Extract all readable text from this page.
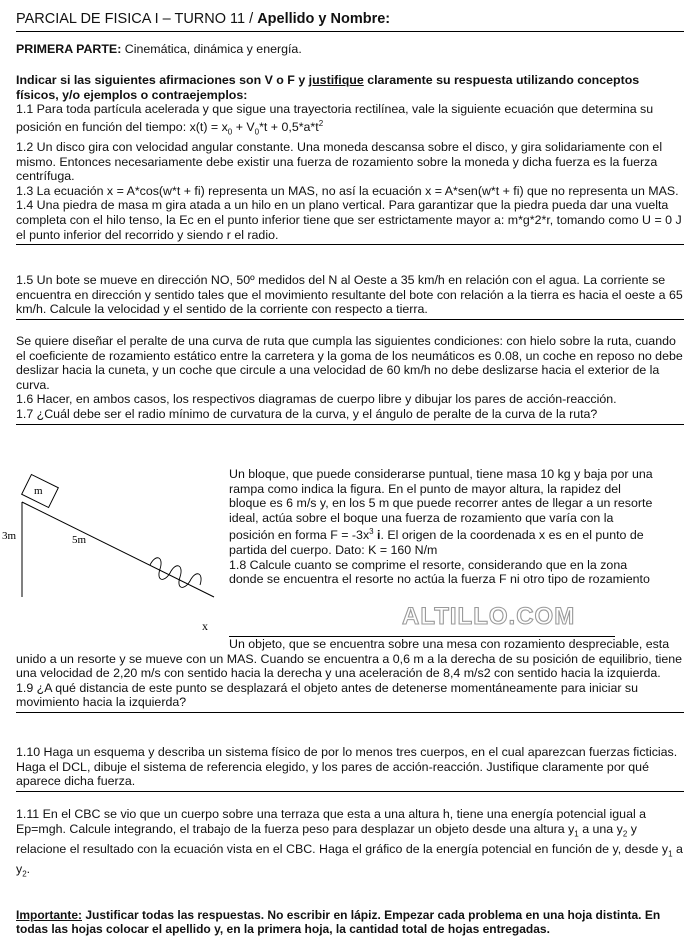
PARCIAL DE FISICA I – TURNO 11 / Apellido y Nombre:

PRIMERA PARTE: Cinemática, dinámica y energía.

Indicar si las siguientes afirmaciones son V o F y justifique claramente su respuesta utilizando conceptos físicos, y/o ejemplos o contraejemplos:

1.1 Para toda partícula acelerada y que sigue una trayectoria rectilínea, vale la siguiente ecuación que determina su posición en función del tiempo: $x(t) = x_0 + V_0*t + 0,5*a*t^2$

1.2 Un disco gira con velocidad angular constante. Una moneda descansa sobre el disco, y gira solidariamente con el mismo. Entonces necesariamente debe existir una fuerza de rozamiento sobre la moneda y dicha fuerza es la fuerza centrífuga.

1.3 La ecuación x = A*cos(w*t + fi) representa un MAS, no así la ecuación x = A*sen(w*t + fi) que no representa un MAS.

1.4 Una piedra de masa m gira atada a un hilo en un plano vertical. Para garantizar que la piedra pueda dar una vuelta completa con el hilo tenso, la Ec en el punto inferior tiene que ser estrictamente mayor a: m*g*2*r, tomando como U = 0 J el punto inferior del recorrido y siendo r el radio.

1.5 Un bote se mueve en dirección NO, 50º medidos del N al Oeste a 35 km/h en relación con el agua. La corriente se encuentra en dirección y sentido tales que el movimiento resultante del bote con relación a la tierra es hacia el oeste a 65 km/h. Calcule la velocidad y el sentido de la corriente con respecto a tierra.

Se quiere diseñar el peralte de una curva de ruta que cumpla las siguientes condiciones: con hielo sobre la ruta, cuando el coeficiente de rozamiento estático entre la carretera y la goma de los neumáticos es 0.08, un coche en reposo no debe deslizar hacia la cuneta, y un coche que circule a una velocidad de 60 km/h no debe deslizarse hacia el exterior de la curva.

1.6 Hacer, en ambos casos, los respectivos diagramas de cuerpo libre y dibujar los pares de acción-reacción.

1.7 ¿Cuál debe ser el radio mínimo de curvatura de la curva, y el ángulo de peralte de la curva de la ruta?

m
3m	5m
x

Un bloque, que puede considerarse puntual, tiene masa 10 kg y baja por una rampa como indica la figura. En el punto de mayor altura, la rapidez del bloque es 6 m/s y, en los 5 m que puede recorrer antes de llegar a un resorte ideal, actúa sobre el boque una fuerza de rozamiento que varía con la posición en forma $F = -3x^3$ i. El origen de la coordenada x es en el punto de partida del cuerpo. Dato: K = 160 N/m

1.8 Calcule cuanto se comprime el resorte, considerando que en la zona donde se encuentra el resorte no actúa la fuerza F ni otro tipo de rozamiento

ALTILLO.COM

Un objeto, que se encuentra sobre una mesa con rozamiento despreciable, esta unido a un resorte y se mueve con un MAS. Cuando se encuentra a 0,6 m a la derecha de su posición de equilibrio, tiene una velocidad de 2,20 m/s con sentido hacia la derecha y una aceleración de 8,4 m/s2 con sentido hacia la izquierda.

1.9 ¿A qué distancia de este punto se desplazará el objeto antes de detenerse momentáneamente para iniciar su movimiento hacia la izquierda?

1.10 Haga un esquema y describa un sistema físico de por lo menos tres cuerpos, en el cual aparezcan fuerzas ficticias. Haga el DCL, dibuje el sistema de referencia elegido, y los pares de acción-reacción. Justifique claramente por qué aparece dicha fuerza.

1.11 En el CBC se vio que un cuerpo sobre una terraza que esta a una altura h, tiene una energía potencial igual a Ep=mgh. Calcule integrando, el trabajo de la fuerza peso para desplazar un objeto desde una altura $y_1$ a una $y_2$ y relacione el resultado con la ecuación vista en el CBC. Haga el gráfico de la energía potencial en función de y, desde $y_1$ a $y_2$.

Importante: Justificar todas las respuestas. No escribir en lápiz. Empezar cada problema en una hoja distinta. En todas las hojas colocar el apellido y, en la primera hoja, la cantidad total de hojas entregadas.
